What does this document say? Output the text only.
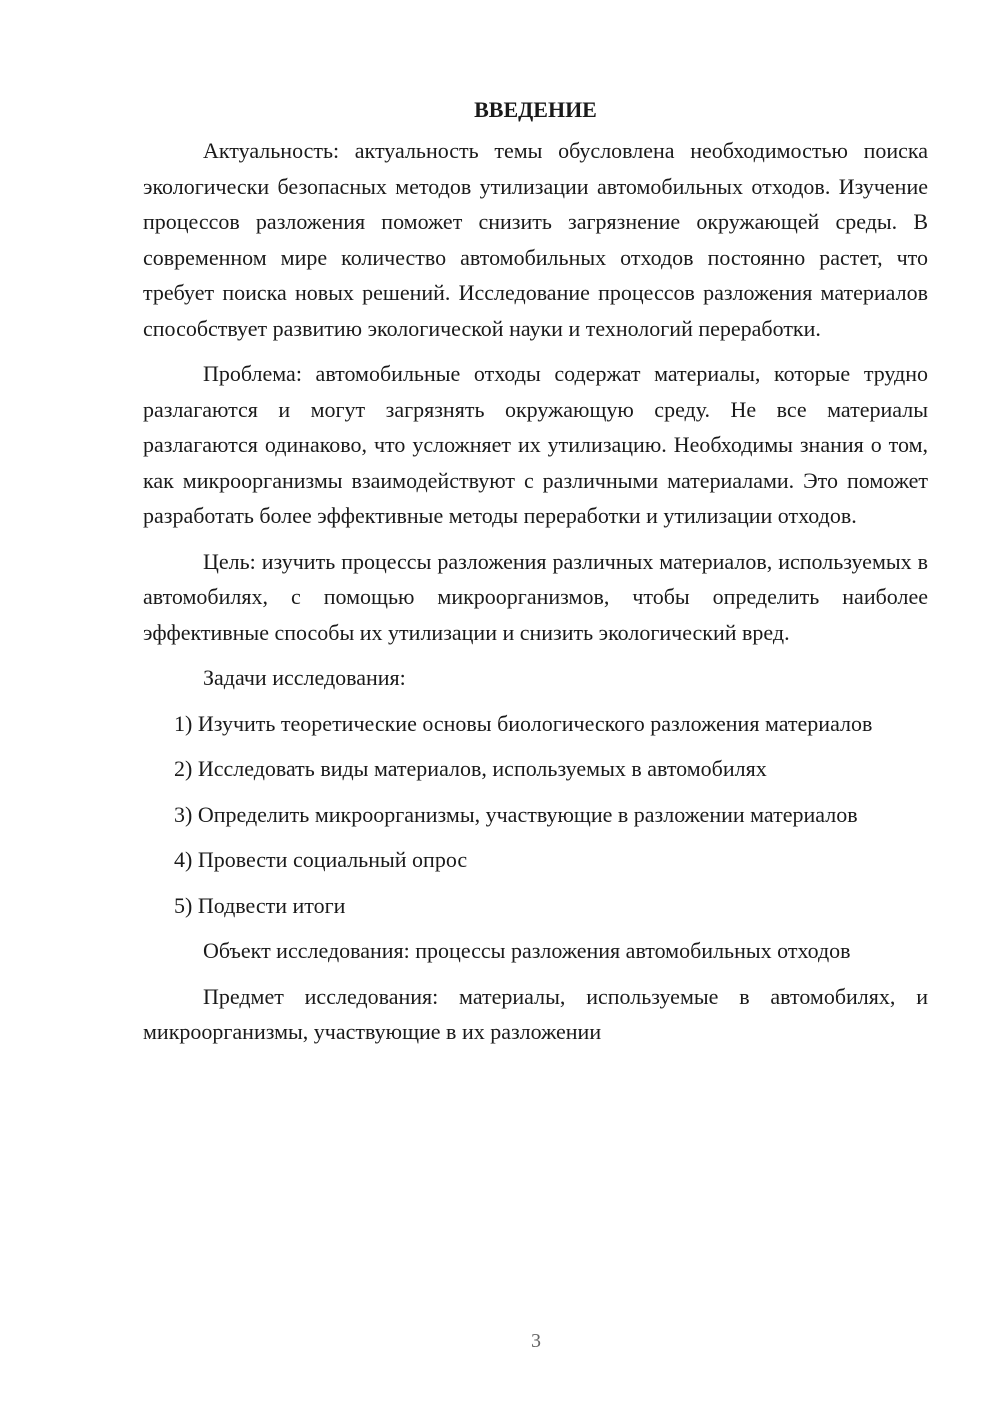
ВВЕДЕНИЕ

Актуальность: актуальность темы обусловлена необходимостью поиска экологически безопасных методов утилизации автомобильных отходов. Изучение процессов разложения поможет снизить загрязнение окружающей среды. В современном мире количество автомобильных отходов постоянно растет, что требует поиска новых решений. Исследование процессов разложения материалов способствует развитию экологической науки и технологий переработки.

Проблема: автомобильные отходы содержат материалы, которые трудно разлагаются и могут загрязнять окружающую среду. Не все материалы разлагаются одинаково, что усложняет их утилизацию. Необходимы знания о том, как микроорганизмы взаимодействуют с различными материалами. Это поможет разработать более эффективные методы переработки и утилизации отходов.

Цель: изучить процессы разложения различных материалов, используемых в автомобилях, с помощью микроорганизмов, чтобы определить наиболее эффективные способы их утилизации и снизить экологический вред.

Задачи исследования:

1) Изучить теоретические основы биологического разложения материалов

2) Исследовать виды материалов, используемых в автомобилях

3) Определить микроорганизмы, участвующие в разложении материалов

4) Провести социальный опрос

5) Подвести итоги

Объект исследования: процессы разложения автомобильных отходов

Предмет исследования: материалы, используемые в автомобилях, и микроорганизмы, участвующие в их разложении

3
